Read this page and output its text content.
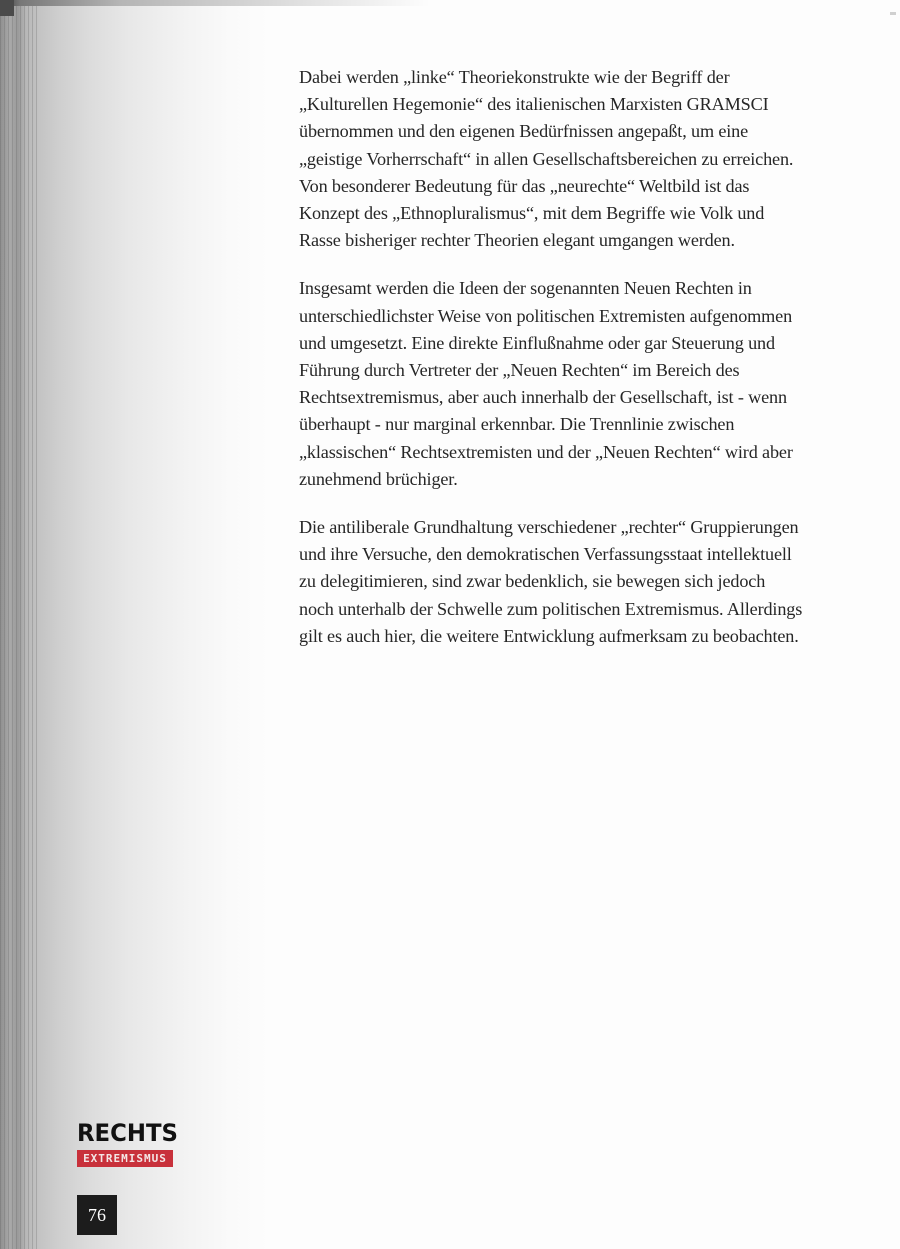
Dabei werden „linke“ Theoriekonstrukte wie der Begriff der „Kulturellen Hegemonie“ des italienischen Marxisten GRAMSCI übernommen und den eigenen Bedürfnissen angepaßt, um eine „geistige Vorherrschaft“ in allen Gesellschaftsbereichen zu erreichen. Von besonderer Bedeutung für das „neurechte“ Weltbild ist das Konzept des „Ethnopluralismus“, mit dem Begriffe wie Volk und Rasse bisheriger rechter Theorien elegant umgangen werden.

Insgesamt werden die Ideen der sogenannten Neuen Rechten in unterschiedlichster Weise von politischen Extremisten aufgenommen und umgesetzt. Eine direkte Einflußnahme oder gar Steuerung und Führung durch Vertreter der „Neuen Rechten“ im Bereich des Rechtsextremismus, aber auch innerhalb der Gesellschaft, ist - wenn überhaupt - nur marginal erkennbar. Die Trennlinie zwischen „klassischen“ Rechtsextremisten und der „Neuen Rechten“ wird aber zunehmend brüchiger.

Die antiliberale Grundhaltung verschiedener „rechter“ Gruppierungen und ihre Versuche, den demokratischen Verfassungsstaat intellektuell zu delegitimieren, sind zwar bedenklich, sie bewegen sich jedoch noch unterhalb der Schwelle zum politischen Extremismus. Allerdings gilt es auch hier, die weitere Entwicklung aufmerksam zu beobachten.

RECHTS
EXTREMISMUS
76
